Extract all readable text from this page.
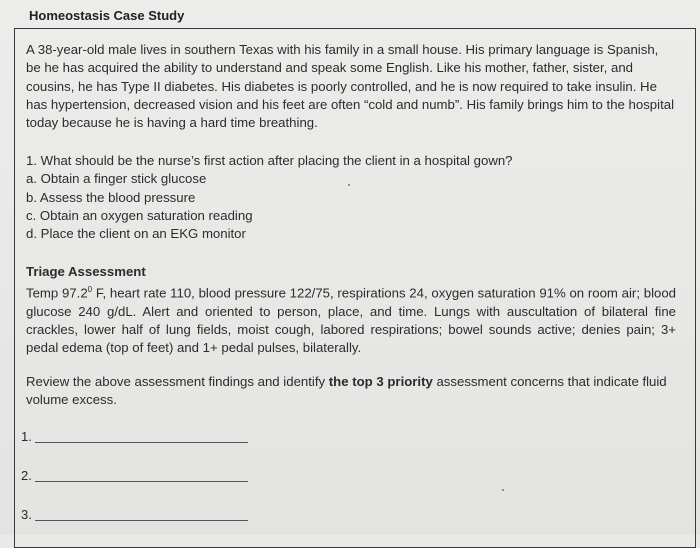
Homeostasis Case Study

A 38-year-old male lives in southern Texas with his family in a small house. His primary language is Spanish, be he has acquired the ability to understand and speak some English. Like his mother, father, sister, and cousins, he has Type II diabetes. His diabetes is poorly controlled, and he is now required to take insulin. He has hypertension, decreased vision and his feet are often “cold and numb”. His family brings him to the hospital today because he is having a hard time breathing.

1. What should be the nurse’s first action after placing the client in a hospital gown?
a. Obtain a finger stick glucose
b. Assess the blood pressure
c. Obtain an oxygen saturation reading
d. Place the client on an EKG monitor
Triage Assessment

Temp 97.2$^0$ F, heart rate 110, blood pressure 122/75, respirations 24, oxygen saturation 91% on room air; blood glucose 240 g/dL. Alert and oriented to person, place, and time. Lungs with auscultation of bilateral fine crackles, lower half of lung fields, moist cough, labored respirations; bowel sounds active; denies pain; 3+ pedal edema (top of feet) and 1+ pedal pulses, bilaterally.

Review the above assessment findings and identify the top 3 priority assessment concerns that indicate fluid volume excess.

1.
2.
3.
